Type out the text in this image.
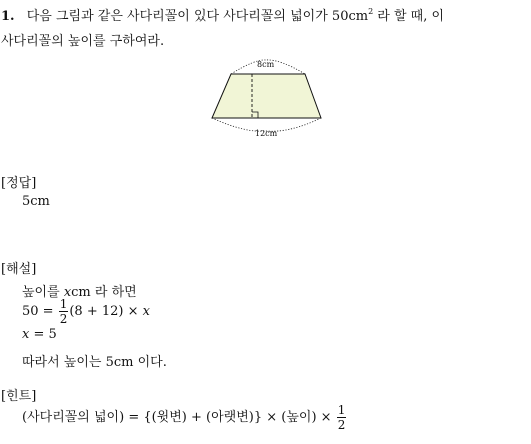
1. 다음 그림과 같은 사다리꼴이 있다 사다리꼴의 넓이가 $50cm^2$ 라 할 때, 이
사다리꼴의 높이를 구하여라.
8cm
12cm
[정답]
5cm
[해설]
높이를 xcm 라 하면
$50 = \frac{1}{2} (8 + 12) \times x$
x = 5
따라서 높이는 5cm 이다.
[힌트]
(사다리꼴의 넓이) = {(윗변) + (아랫변)} × (높이) × $\frac{1}{2}$
